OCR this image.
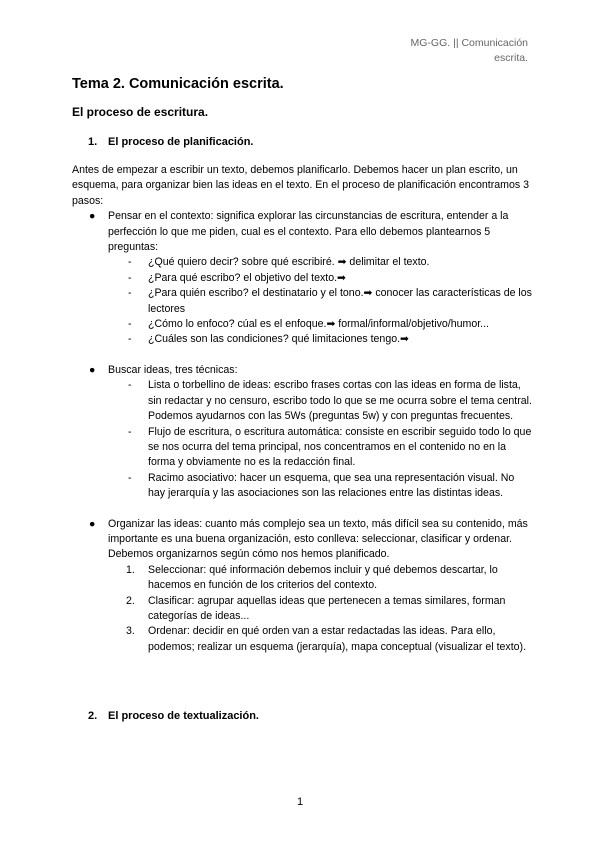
MG-GG. || Comunicación
escrita.
Tema 2. Comunicación escrita.
El proceso de escritura.
1. El proceso de planificación.

Antes de empezar a escribir un texto, debemos planificarlo. Debemos hacer un plan escrito, un esquema, para organizar bien las ideas en el texto. En el proceso de planificación encontramos 3 pasos:

● Pensar en el contexto: significa explorar las circunstancias de escritura, entender a la perfección lo que me piden, cual es el contexto. Para ello debemos plantearnos 5 preguntas:
- ¿Qué quiero decir? sobre qué escribiré. ➡ delimitar el texto.
- ¿Para qué escribo? el objetivo del texto.➡
- ¿Para quién escribo? el destinatario y el tono.➡ conocer las características de los lectores
- ¿Cómo lo enfoco? cúal es el enfoque.➡ formal/informal/objetivo/humor...
- ¿Cuáles son las condiciones? qué limitaciones tengo.➡
● Buscar ideas, tres técnicas:
- Lista o torbellino de ideas: escribo frases cortas con las ideas en forma de lista, sin redactar y no censuro, escribo todo lo que se me ocurra sobre el tema central. Podemos ayudarnos con las 5Ws (preguntas 5w) y con preguntas frecuentes.
- Flujo de escritura, o escritura automática: consiste en escribir seguido todo lo que se nos ocurra del tema principal, nos concentramos en el contenido no en la forma y obviamente no es la redacción final.
- Racimo asociativo: hacer un esquema, que sea una representación visual. No hay jerarquía y las asociaciones son las relaciones entre las distintas ideas.
● Organizar las ideas: cuanto más complejo sea un texto, más difícil sea su contenido, más importante es una buena organización, esto conlleva: seleccionar, clasificar y ordenar. Debemos organizarnos según cómo nos hemos planificado.
1. Seleccionar: qué información debemos incluir y qué debemos descartar, lo hacemos en función de los criterios del contexto.
2. Clasificar: agrupar aquellas ideas que pertenecen a temas similares, forman categorías de ideas...
3. Ordenar: decidir en qué orden van a estar redactadas las ideas. Para ello, podemos; realizar un esquema (jerarquía), mapa conceptual (visualizar el texto).
2. El proceso de textualización.
1
